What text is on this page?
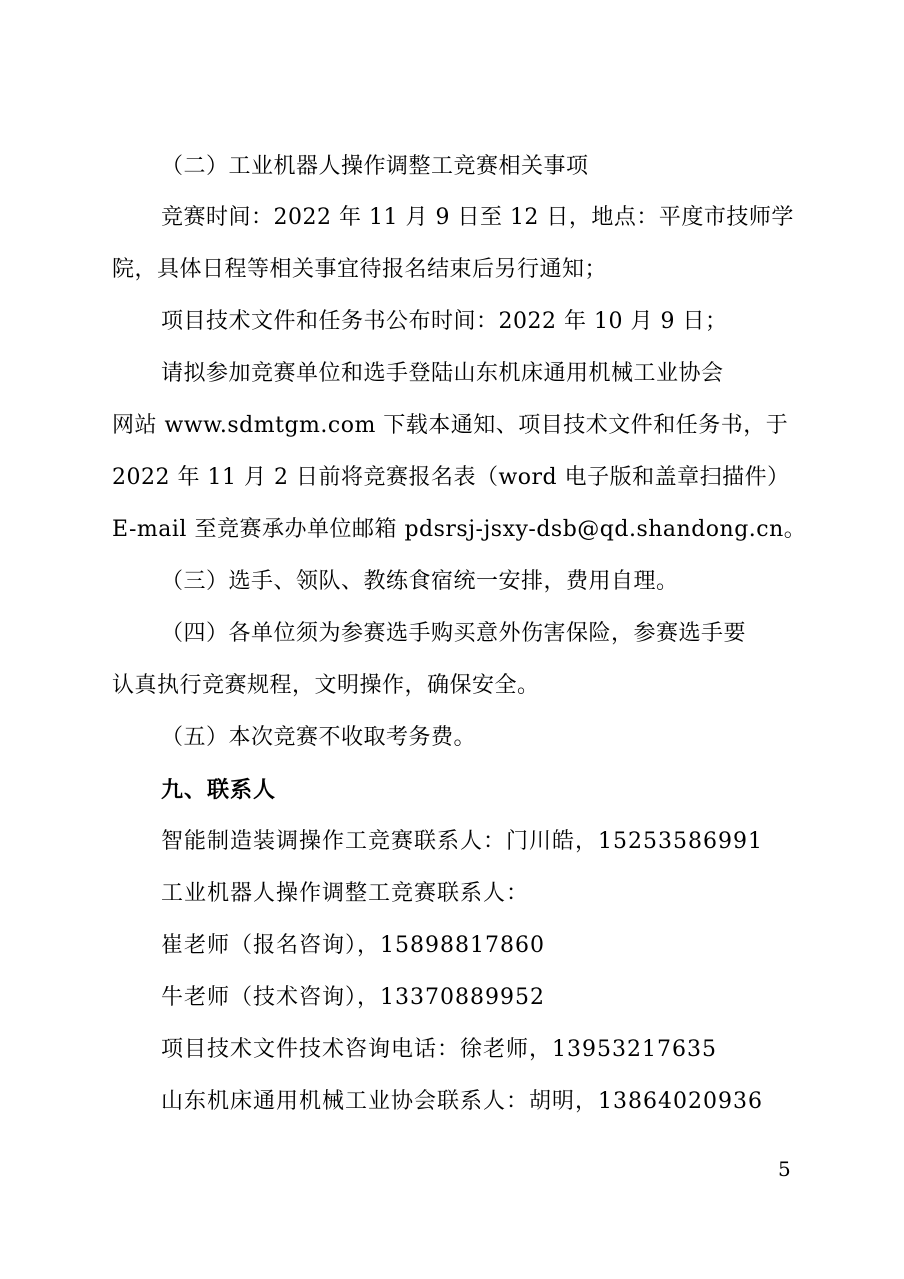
（二）工业机器人操作调整工竞赛相关事项
竞赛时间：2022 年 11 月 9 日至 12 日，地点：平度市技师学
院，具体日程等相关事宜待报名结束后另行通知；
项目技术文件和任务书公布时间：2022 年 10 月 9 日；
请拟参加竞赛单位和选手登陆山东机床通用机械工业协会
网站 www.sdmtgm.com 下载本通知、项目技术文件和任务书，于
2022 年 11 月 2 日前将竞赛报名表（word 电子版和盖章扫描件）
E-mail 至竞赛承办单位邮箱 pdsrsj-jsxy-dsb@qd.shandong.cn。
（三）选手、领队、教练食宿统一安排，费用自理。
（四）各单位须为参赛选手购买意外伤害保险，参赛选手要
认真执行竞赛规程，文明操作，确保安全。
（五）本次竞赛不收取考务费。
九、联系人
智能制造装调操作工竞赛联系人：门川皓，15253586991
工业机器人操作调整工竞赛联系人：
崔老师（报名咨询），15898817860
牛老师（技术咨询），13370889952
项目技术文件技术咨询电话：徐老师，13953217635
山东机床通用机械工业协会联系人：胡明，13864020936
5
